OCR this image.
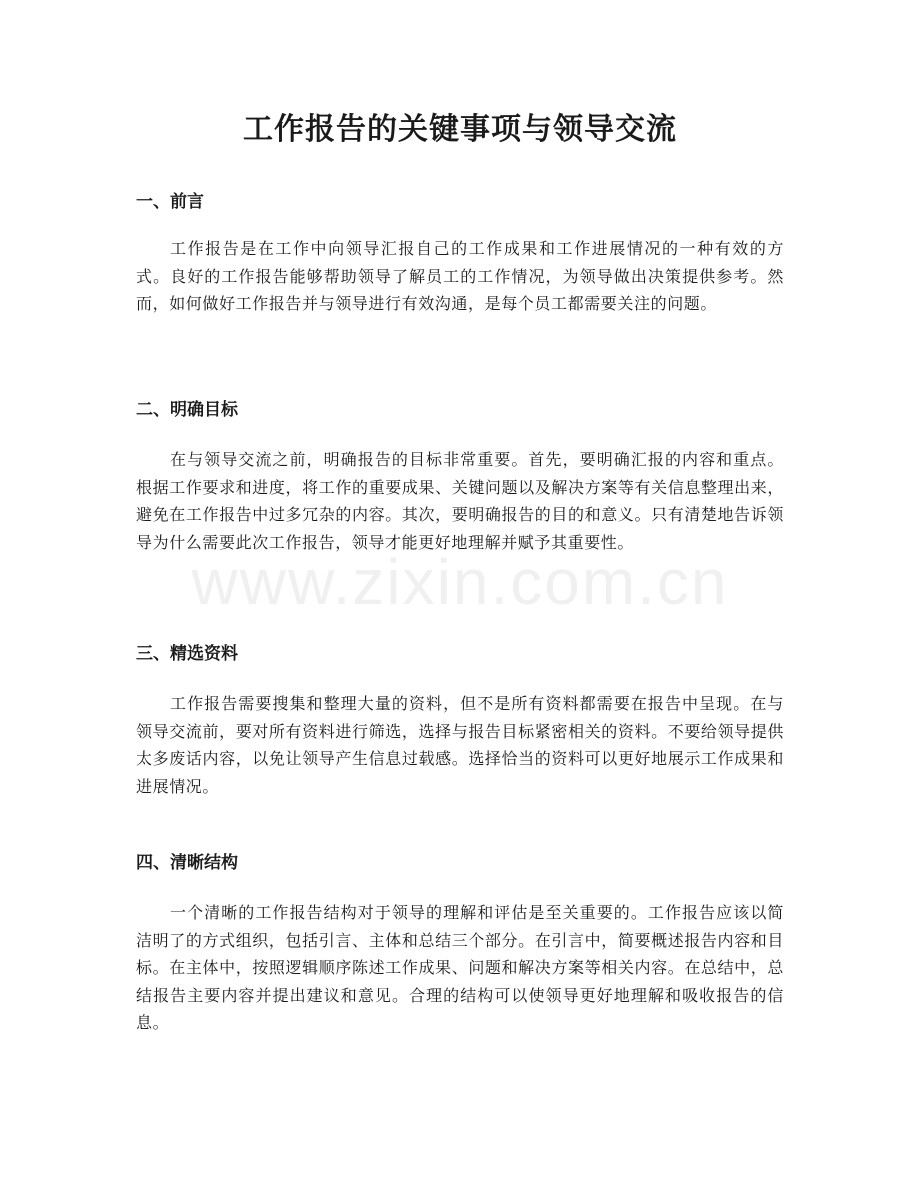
www.zixin.com.cn
工作报告的关键事项与领导交流
一、前言

工作报告是在工作中向领导汇报自己的工作成果和工作进展情况的一种有效的方式。良好的工作报告能够帮助领导了解员工的工作情况，为领导做出决策提供参考。然而，如何做好工作报告并与领导进行有效沟通，是每个员工都需要关注的问题。

二、明确目标

在与领导交流之前，明确报告的目标非常重要。首先，要明确汇报的内容和重点。根据工作要求和进度，将工作的重要成果、关键问题以及解决方案等有关信息整理出来，避免在工作报告中过多冗杂的内容。其次，要明确报告的目的和意义。只有清楚地告诉领导为什么需要此次工作报告，领导才能更好地理解并赋予其重要性。

三、精选资料

工作报告需要搜集和整理大量的资料，但不是所有资料都需要在报告中呈现。在与领导交流前，要对所有资料进行筛选，选择与报告目标紧密相关的资料。不要给领导提供太多废话内容，以免让领导产生信息过载感。选择恰当的资料可以更好地展示工作成果和进展情况。

四、清晰结构

一个清晰的工作报告结构对于领导的理解和评估是至关重要的。工作报告应该以简洁明了的方式组织，包括引言、主体和总结三个部分。在引言中，简要概述报告内容和目标。在主体中，按照逻辑顺序陈述工作成果、问题和解决方案等相关内容。在总结中，总结报告主要内容并提出建议和意见。合理的结构可以使领导更好地理解和吸收报告的信息。
